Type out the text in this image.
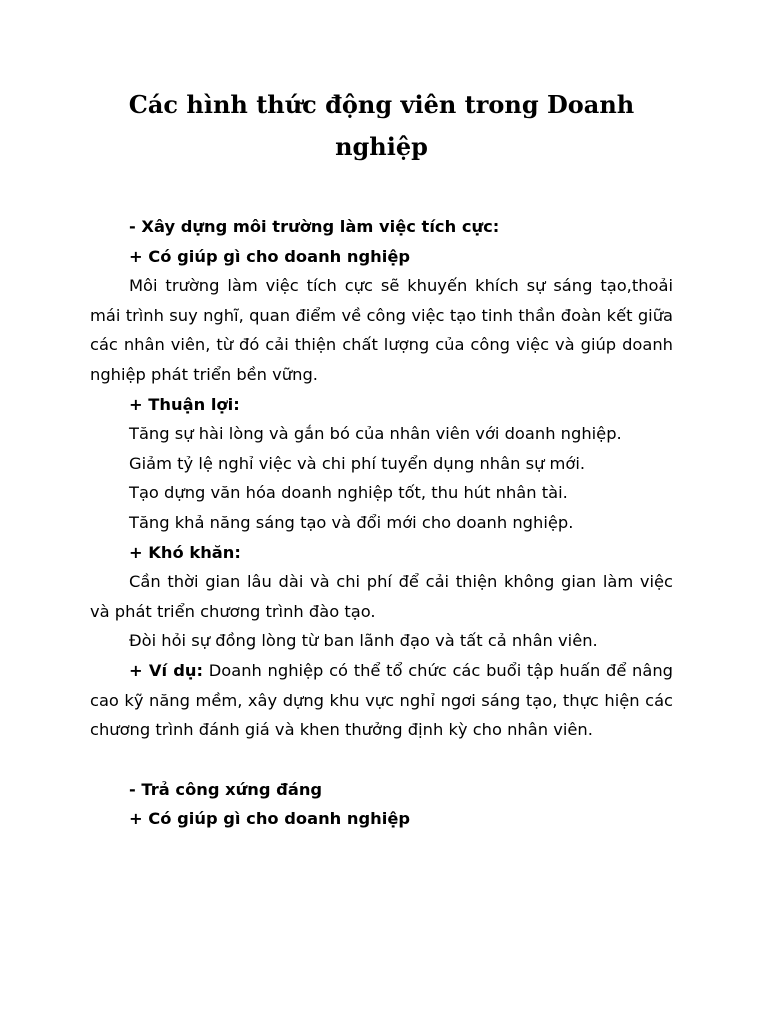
Các hình thức động viên trong Doanh nghiệp

- Xây dựng môi trường làm việc tích cực:

+ Có giúp gì cho doanh nghiệp

Môi trường làm việc tích cực sẽ khuyến khích sự sáng tạo,thoải mái trình suy nghĩ, quan điểm về công việc tạo tinh thần đoàn kết giữa các nhân viên, từ đó cải thiện chất lượng của công việc và giúp doanh nghiệp phát triển bền vững.

+ Thuận lợi:

Tăng sự hài lòng và gắn bó của nhân viên với doanh nghiệp.

Giảm tỷ lệ nghỉ việc và chi phí tuyển dụng nhân sự mới.

Tạo dựng văn hóa doanh nghiệp tốt, thu hút nhân tài.

Tăng khả năng sáng tạo và đổi mới cho doanh nghiệp.

+ Khó khăn:

Cần thời gian lâu dài và chi phí để cải thiện không gian làm việc và phát triển chương trình đào tạo.

Đòi hỏi sự đồng lòng từ ban lãnh đạo và tất cả nhân viên.

+ Ví dụ: Doanh nghiệp có thể tổ chức các buổi tập huấn để nâng cao kỹ năng mềm, xây dựng khu vực nghỉ ngơi sáng tạo, thực hiện các chương trình đánh giá và khen thưởng định kỳ cho nhân viên.

- Trả công xứng đáng

+ Có giúp gì cho doanh nghiệp
